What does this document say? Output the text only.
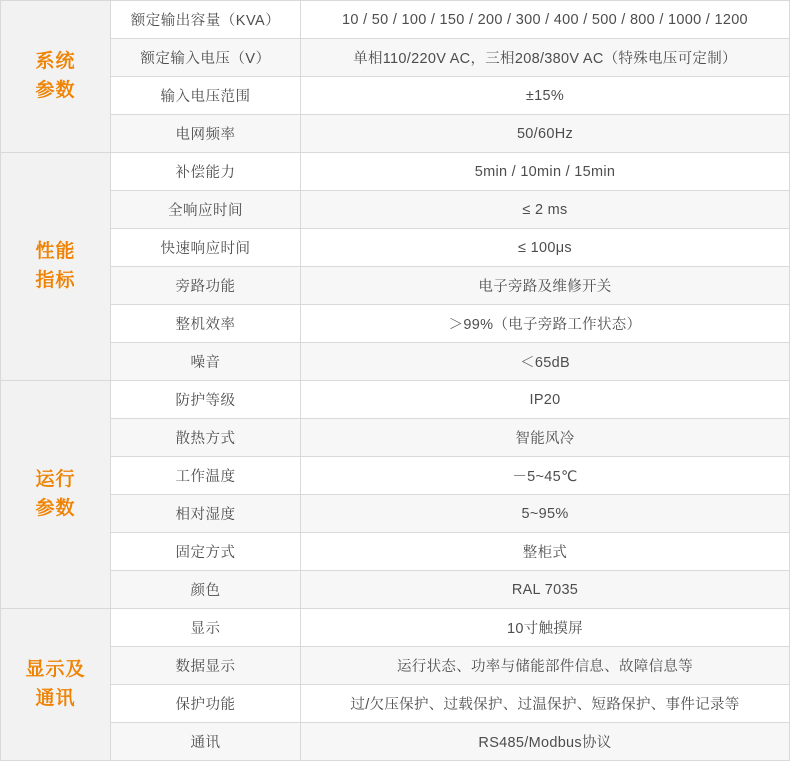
系统
参数	额定输出容量（KVA）	10 / 50 / 100 / 150 / 200 / 300 / 400 / 500 / 800 / 1000 / 1200
	额定输入电压（V）	单相110/220V AC，三相208/380V AC（特殊电压可定制）
	输入电压范围	±15%
	电网频率	50/60Hz

性能
指标	补偿能力	5min / 10min / 15min
	全响应时间	≤ 2 ms
	快速响应时间	≤ 100μs
	旁路功能	电子旁路及维修开关
	整机效率	＞99%（电子旁路工作状态）
	噪音	＜65dB

运行
参数	防护等级	IP20
	散热方式	智能风冷
	工作温度	－5~45℃
	相对湿度	5~95%
	固定方式	整柜式
	颜色	RAL 7035

显示及
通讯	显示	10寸触摸屏
	数据显示	运行状态、功率与储能部件信息、故障信息等
	保护功能	过/欠压保护、过载保护、过温保护、短路保护、事件记录等
	通讯	RS485/Modbus协议
